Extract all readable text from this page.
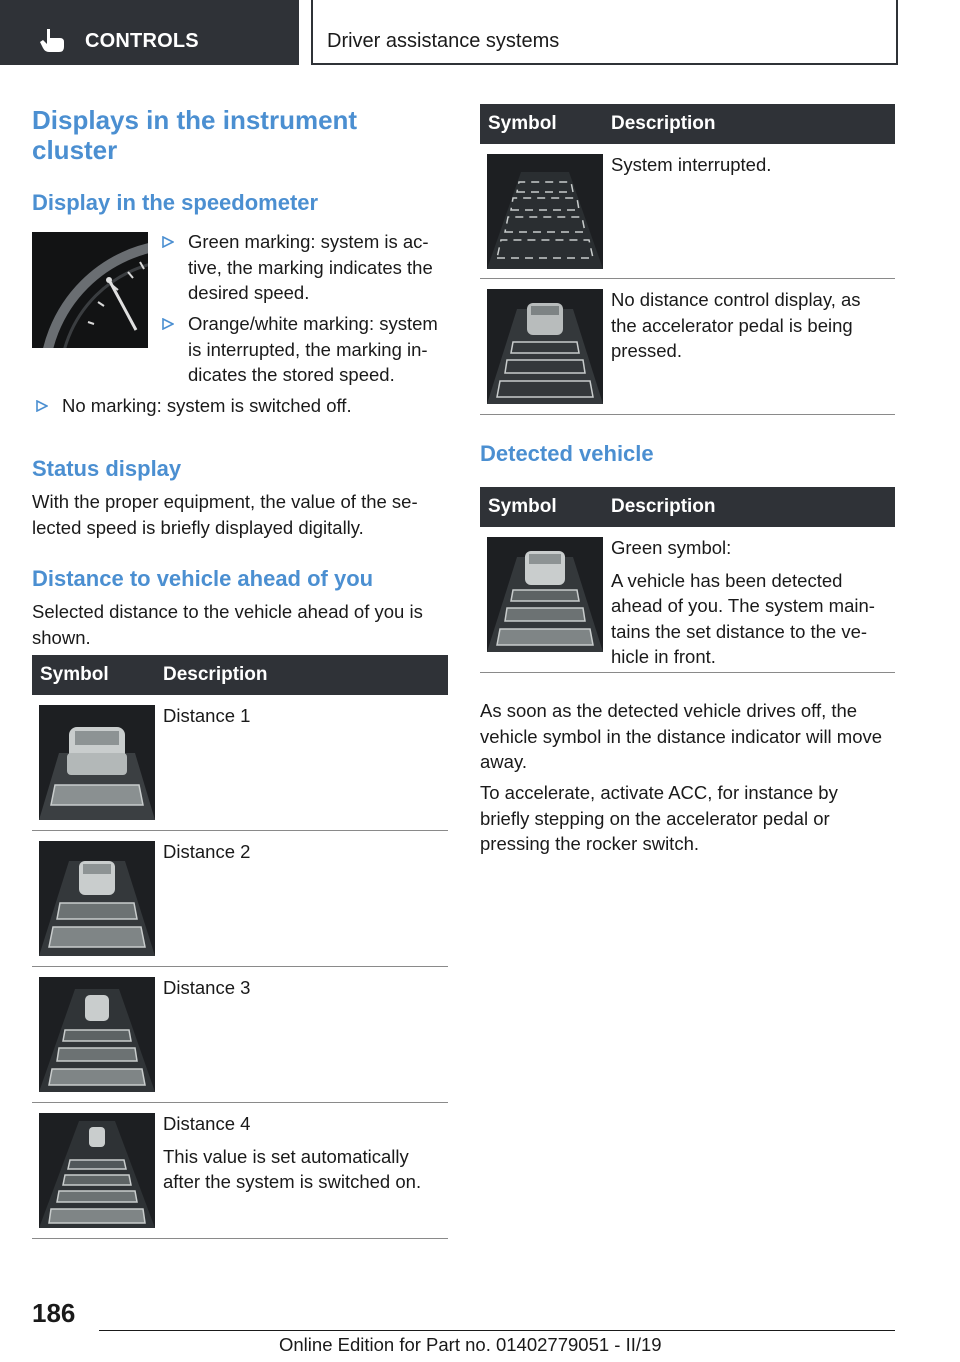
CONTROLS	Driver assistance systems
Displays in the instrument cluster
Display in the speedometer
Green marking: system is ac-
tive, the marking indicates the
desired speed.
Orange/white marking: system
is interrupted, the marking in-
dicates the stored speed.
No marking: system is switched off.
Status display

With the proper equipment, the value of the se-
lected speed is briefly displayed digitally.

Distance to vehicle ahead of you

Selected distance to the vehicle ahead of you is
shown.

Symbol	Description
Distance 1
Distance 2
Distance 3

Distance 4

This value is set automatically
after the system is switched on.

Symbol	Description
System interrupted.
No distance control display, as
the accelerator pedal is being
pressed.
Detected vehicle
Symbol	Description

Green symbol:

A vehicle has been detected
ahead of you. The system main-
tains the set distance to the ve-
hicle in front.

As soon as the detected vehicle drives off, the
vehicle symbol in the distance indicator will move
away.

To accelerate, activate ACC, for instance by
briefly stepping on the accelerator pedal or
pressing the rocker switch.

186
Online Edition for Part no. 01402779051 - II/19
